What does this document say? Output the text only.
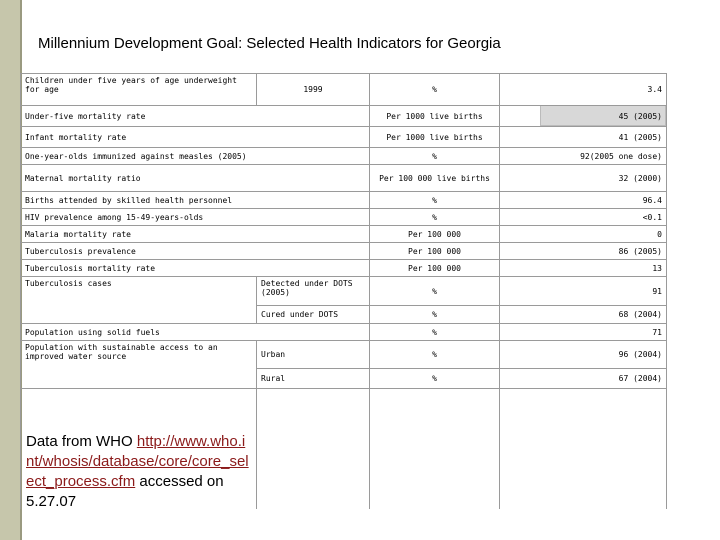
Millennium Development Goal: Selected Health Indicators for Georgia
Children under five years of age underweight for age	1999	%	3.4
Under-five mortality rate		Per 1000 live births	45 (2005)
Infant mortality rate		Per 1000 live births	41 (2005)
One-year-olds immunized against measles (2005)		%	92(2005 one dose)
Maternal mortality ratio		Per 100 000 live births	32 (2000)
Births attended by skilled health personnel		%	96.4
HIV prevalence among 15-49-years-olds		%	<0.1
Malaria mortality rate		Per 100 000	0
Tuberculosis prevalence		Per 100 000	86 (2005)
Tuberculosis mortality rate		Per 100 000	13
Tuberculosis cases	Detected under DOTS (2005)	%	91
	Cured under DOTS	%	68 (2004)
Population using solid fuels		%	71
Population with sustainable access to an improved water source	Urban	%	96 (2004)
	Rural	%	67 (2004)

Data from WHO http://www.who.int/whosis/database/core/core_select_process.cfm accessed on 5.27.07
